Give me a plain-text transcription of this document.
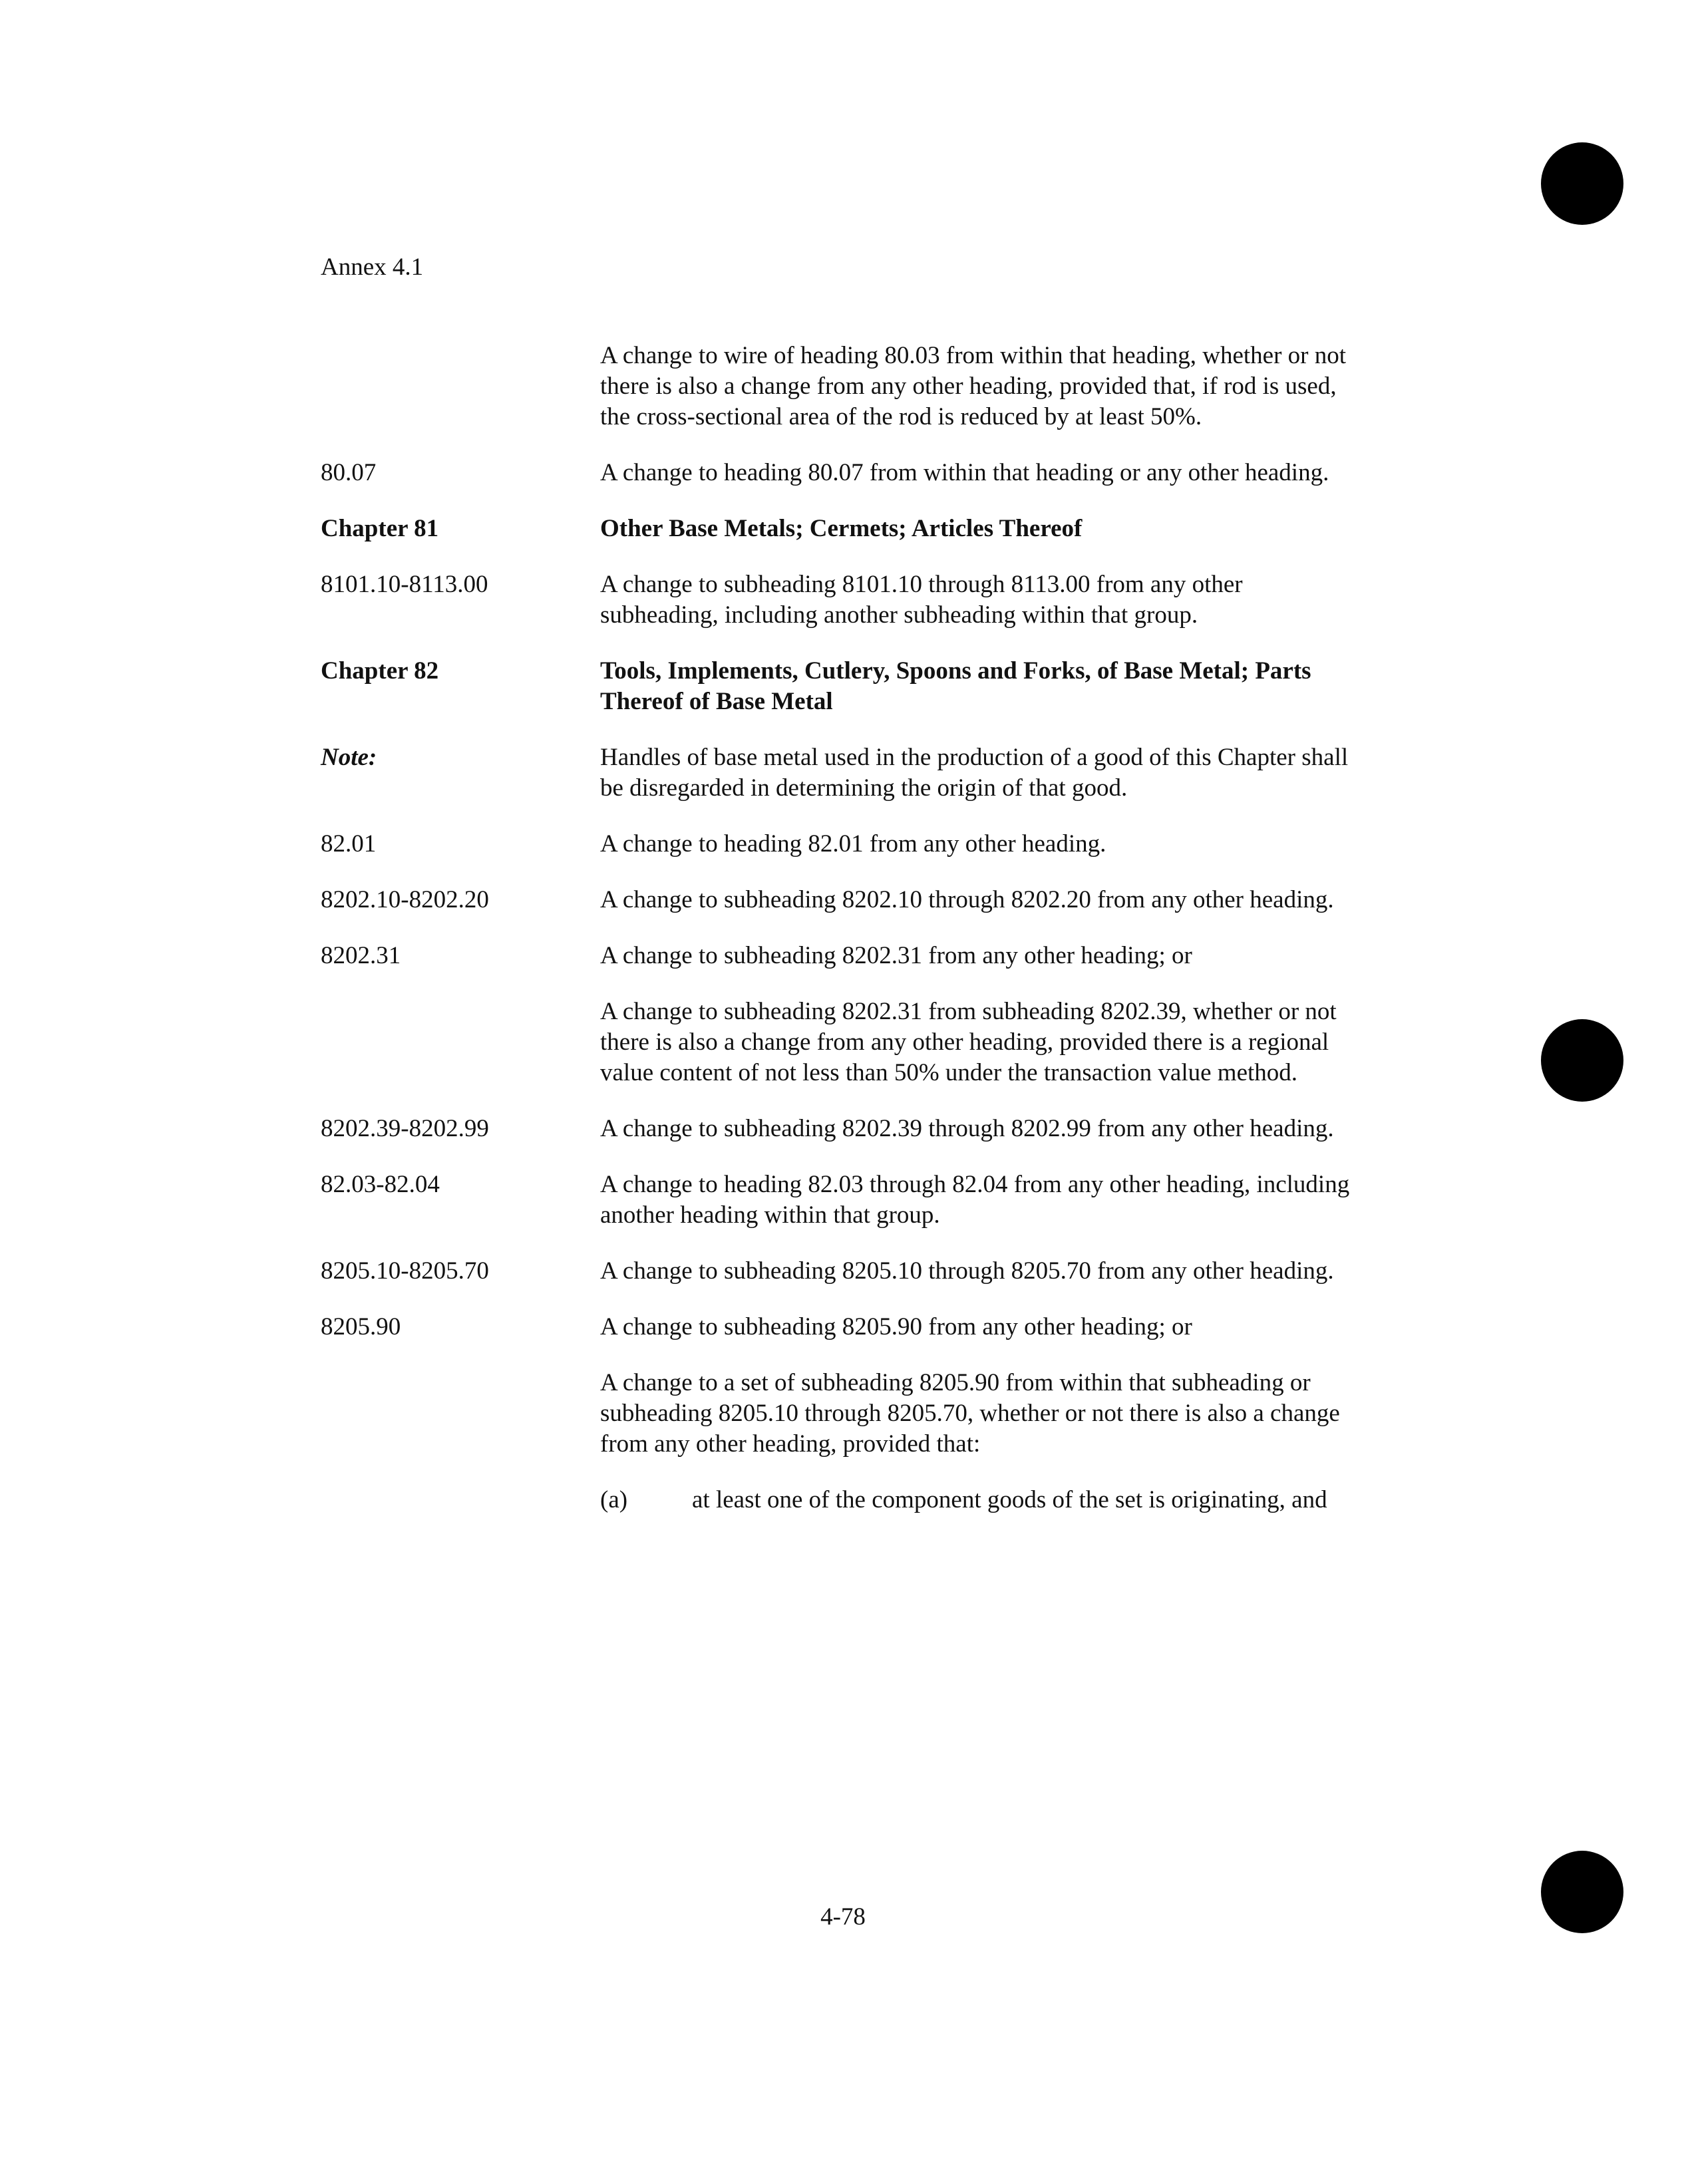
Annex 4.1
A change to wire of heading 80.03 from within that heading, whether or not there is also a change from any other heading, provided that, if rod is used, the cross-sectional area of the rod is reduced by at least 50%.
80.07	A change to heading 80.07 from within that heading or any other heading.
Chapter 81	Other Base Metals; Cermets; Articles Thereof
8101.10-8113.00	A change to subheading 8101.10 through 8113.00 from any other subheading, including another subheading within that group.
Chapter 82	Tools, Implements, Cutlery, Spoons and Forks, of Base Metal; Parts Thereof of Base Metal
Note:	Handles of base metal used in the production of a good of this Chapter shall be disregarded in determining the origin of that good.
82.01	A change to heading 82.01 from any other heading.
8202.10-8202.20	A change to subheading 8202.10 through 8202.20 from any other heading.
8202.31	A change to subheading 8202.31 from any other heading; or
A change to subheading 8202.31 from subheading 8202.39, whether or not there is also a change from any other heading, provided there is a regional value content of not less than 50% under the transaction value method.
8202.39-8202.99	A change to subheading 8202.39 through 8202.99 from any other heading.
82.03-82.04	A change to heading 82.03 through 82.04 from any other heading, including another heading within that group.
8205.10-8205.70	A change to subheading 8205.10 through 8205.70 from any other heading.
8205.90	A change to subheading 8205.90 from any other heading; or
A change to a set of subheading 8205.90 from within that subheading or subheading 8205.10 through 8205.70, whether or not there is also a change from any other heading, provided that:
(a)	at least one of the component goods of the set is originating, and
4-78
